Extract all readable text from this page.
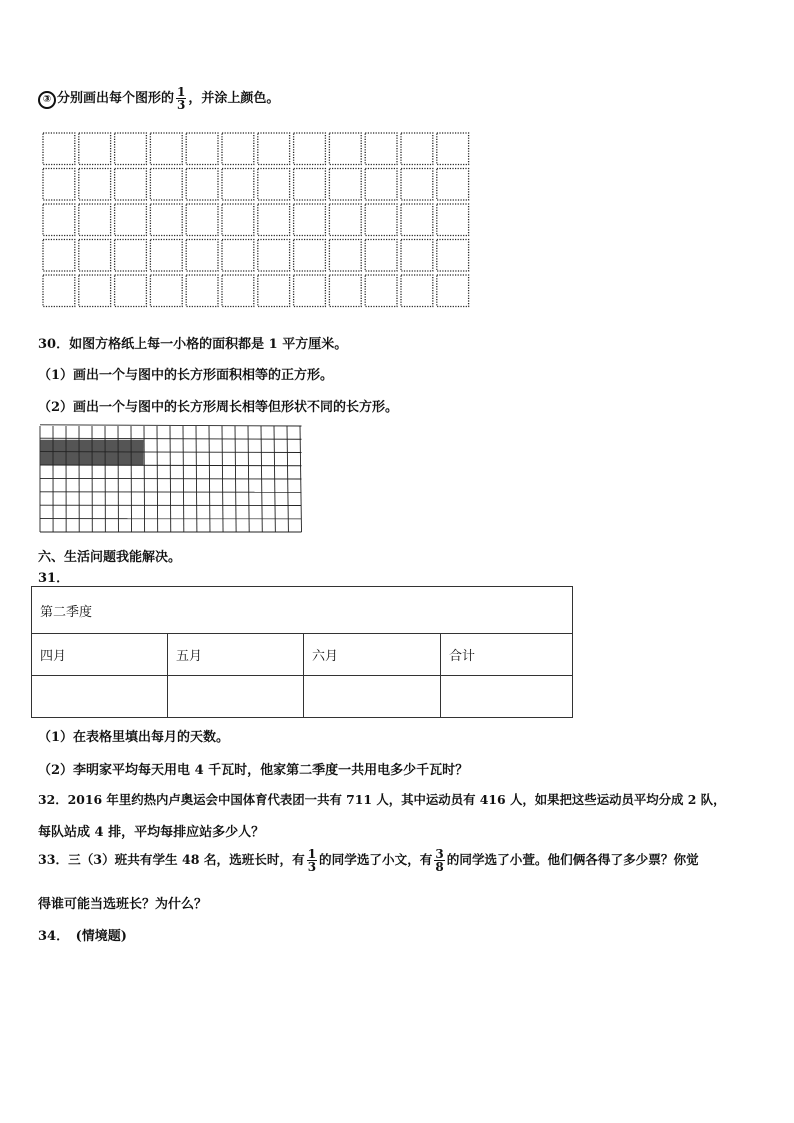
③ 分别画出每个图形的 $\frac{1}{3}$ ，并涂上颜色。
30．如图方格纸上每一小格的面积都是 1 平方厘米。
（1）画出一个与图中的长方形面积相等的正方形。
（2）画出一个与图中的长方形周长相等但形状不同的长方形。
六、生活问题我能解决。
31．
第二季度			
四月	五月	六月	合计

（1）在表格里填出每月的天数。
（2）李明家平均每天用电 4 千瓦时，他家第二季度一共用电多少千瓦时？
32．2016 年里约热内卢奥运会中国体育代表团一共有 711 人，其中运动员有 416 人，如果把这些运动员平均分成 2 队，
每队站成 4 排，平均每排应站多少人？
33．三（3）班共有学生 48 名，选班长时，有 $\frac{1}{3}$ 的同学选了小文，有 $\frac{3}{8}$ 的同学选了小萱。他们俩各得了多少票？你觉
得谁可能当选班长？为什么？
34．　(情境题)
